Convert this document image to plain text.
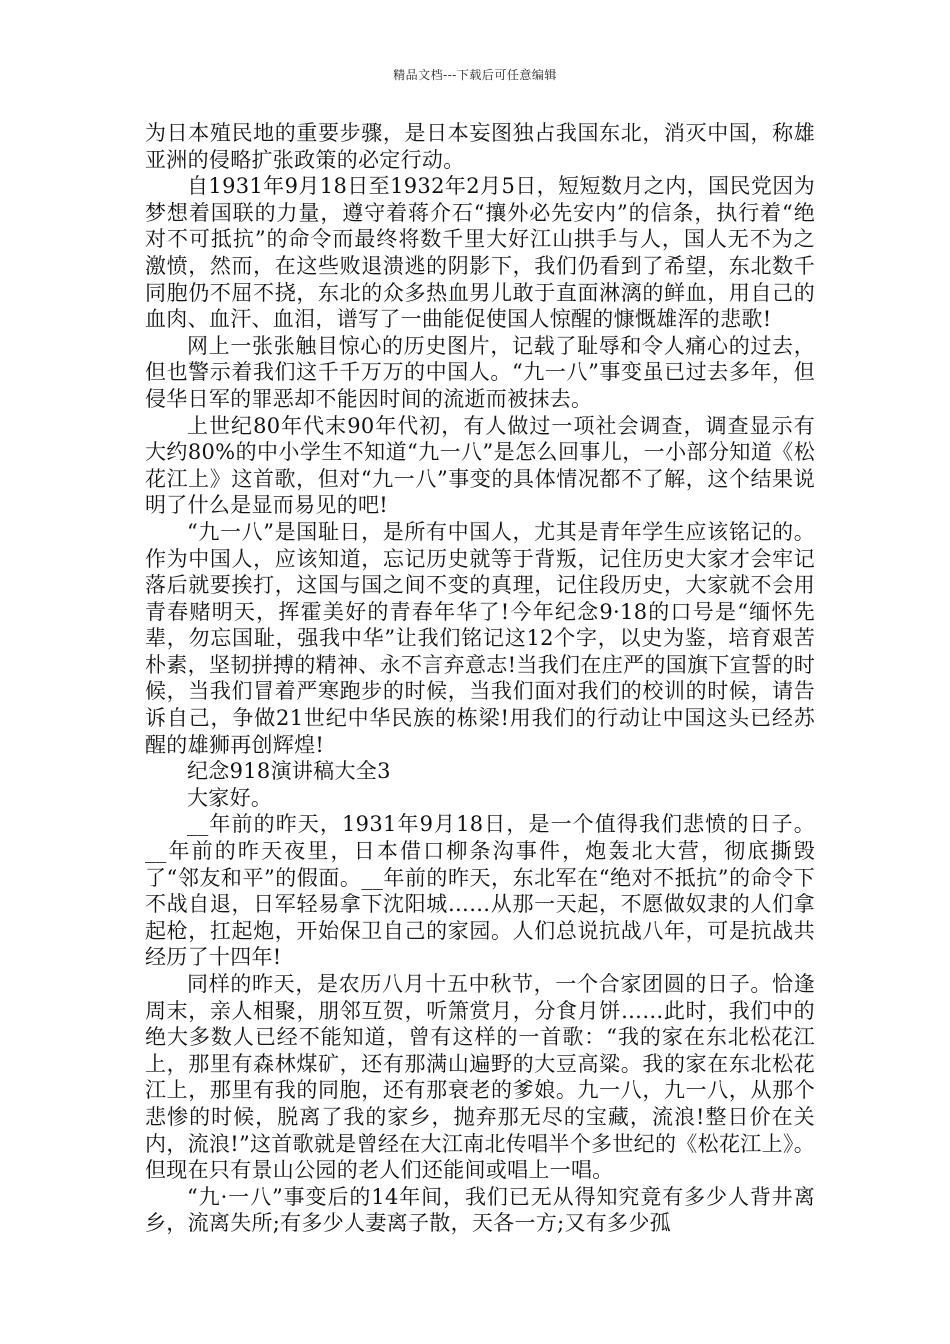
精品文档---下载后可任意编辑

为日本殖民地的重要步骤，是日本妄图独占我国东北，消灭中国，称雄亚洲的侵略扩张政策的必定行动。

自1931年9月18日至1932年2月5日，短短数月之内，国民党因为梦想着国联的力量，遵守着蒋介石“攘外必先安内”的信条，执行着“绝对不可抵抗”的命令而最终将数千里大好江山拱手与人，国人无不为之激愤，然而，在这些败退溃逃的阴影下，我们仍看到了希望，东北数千同胞仍不屈不挠，东北的众多热血男儿敢于直面淋漓的鲜血，用自己的血肉、血汗、血泪，谱写了一曲能促使国人惊醒的慷慨雄浑的悲歌!

网上一张张触目惊心的历史图片，记载了耻辱和令人痛心的过去，但也警示着我们这千千万万的中国人。“九一八”事变虽已过去多年，但侵华日军的罪恶却不能因时间的流逝而被抹去。

上世纪80年代末90年代初，有人做过一项社会调查，调查显示有大约80%的中小学生不知道“九一八”是怎么回事儿，一小部分知道《松花江上》这首歌，但对“九一八”事变的具体情况都不了解，这个结果说明了什么是显而易见的吧!

“九一八”是国耻日，是所有中国人，尤其是青年学生应该铭记的。作为中国人，应该知道，忘记历史就等于背叛，记住历史大家才会牢记落后就要挨打，这国与国之间不变的真理，记住段历史，大家就不会用青春赌明天，挥霍美好的青春年华了!今年纪念9·18的口号是“缅怀先辈，勿忘国耻，强我中华”让我们铭记这12个字，以史为鉴，培育艰苦朴素，坚韧拼搏的精神、永不言弃意志!当我们在庄严的国旗下宣誓的时候，当我们冒着严寒跑步的时候，当我们面对我们的校训的时候，请告诉自己，争做21世纪中华民族的栋梁!用我们的行动让中国这头已经苏醒的雄狮再创辉煌!

纪念918演讲稿大全3

大家好。

__年前的昨天，1931年9月18日，是一个值得我们悲愤的日子。__年前的昨天夜里，日本借口柳条沟事件，炮轰北大营，彻底撕毁了“邻友和平”的假面。__年前的昨天，东北军在“绝对不抵抗”的命令下不战自退，日军轻易拿下沈阳城……从那一天起，不愿做奴隶的人们拿起枪，扛起炮，开始保卫自己的家园。人们总说抗战八年，可是抗战共经历了十四年!

同样的昨天，是农历八月十五中秋节，一个合家团圆的日子。恰逢周末，亲人相聚，朋邻互贺，听箫赏月，分食月饼……此时，我们中的绝大多数人已经不能知道，曾有这样的一首歌：“我的家在东北松花江上，那里有森林煤矿，还有那满山遍野的大豆高粱。我的家在东北松花江上，那里有我的同胞，还有那衰老的爹娘。九一八，九一八，从那个悲惨的时候，脱离了我的家乡，抛弃那无尽的宝藏，流浪!整日价在关内，流浪!”这首歌就是曾经在大江南北传唱半个多世纪的《松花江上》。但现在只有景山公园的老人们还能间或唱上一唱。

“九·一八”事变后的14年间，我们已无从得知究竟有多少人背井离乡，流离失所;有多少人妻离子散，天各一方;又有多少孤
